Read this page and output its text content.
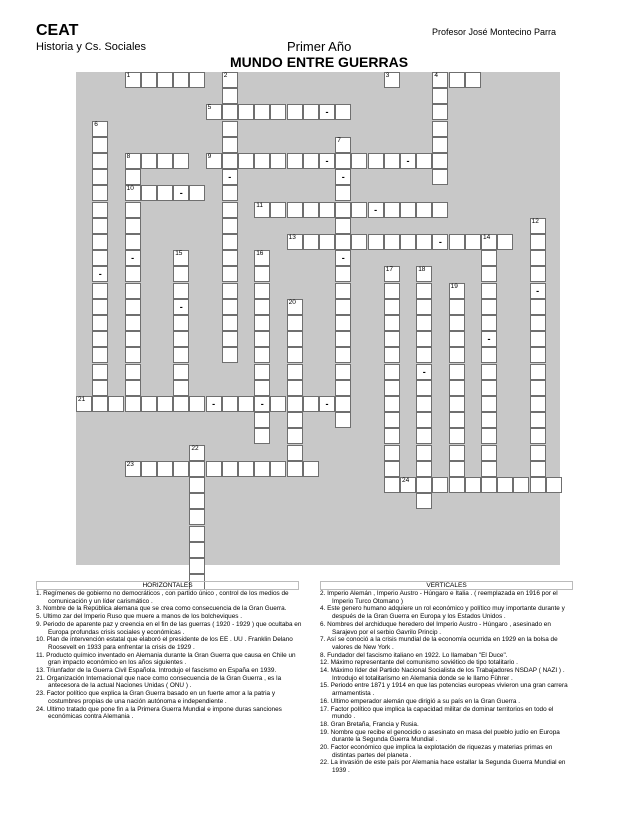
CEAT	Profesor José Montecino Parra
Historia y Cs. Sociales	Primer Año
MUNDO ENTRE GUERRAS
1	2	3	4
5	-
8	9	-	-
10	-
11	-
13	-	14
21	-	-	-
23
24
-
6
-
7
-
-
-
12
-
-
15
-
16
17	18
-
19
20
22
HORIZONTALES	VERTICALES
1. Regímenes de gobierno no democráticos , con partido único , control de los medios de comunicación y un líder carismático .
3. Nombre de la República alemana que se crea como consecuencia de la Gran Guerra.
5. Ultimo zar del Imperio Ruso que muere a manos de los bolcheviques .
9. Periodo de aparente paz y creencia en el fin de las guerras ( 1920 - 1929 ) que ocultaba en Europa profundas crisis sociales y económicas .
10. Plan de intervención estatal que elaboró el presidente de los EE . UU . Franklin Delano Roosevelt en 1933 para enfrentar la crisis de 1929 .
11. Producto químico inventado en Alemania durante la Gran Guerra que causa en Chile un gran impacto económico en los años siguientes .
13. Triunfador de la Guerra Civil Española. Introdujo el fascismo en España en 1939.
21. Organización Internacional que nace como consecuencia de la Gran Guerra , es la antecesora de la actual Naciones Unidas ( ONU ) .
23. Factor político que explica la Gran Guerra basado en un fuerte amor a la patria y costumbres propias de una nación autónoma e independiente .
24. Ultimo tratado que pone fin a la Primera Guerra Mundial e impone duras sanciones económicas contra Alemania .
2. Imperio Alemán , Imperio Austro - Húngaro e Italia . ( reemplazada en 1916 por el Imperio Turco Otomano )
4. Este genero humano adquiere un rol económico y político muy importante durante y después de la Gran Guerra en Europa y los Estados Unidos .
6. Nombres del archiduque heredero del Imperio Austro - Húngaro , asesinado en Sarajevo por el serbio Gavrilo Princip .
7. Así se conoció a la crisis mundial de la economía ocurrida en 1929 en la bolsa de valores de New York .
8. Fundador del fascismo italiano en 1922. Lo llamaban "El Duce".
12. Máximo representante del comunismo soviético de tipo totalitario .
14. Máximo líder del Partido Nacional Socialista de los Trabajadores NSDAP ( NAZI ) . Introdujo el totalitarismo en Alemania donde se le llamo Führer .
15. Periodo entre 1871 y 1914 en que las potencias europeas vivieron una gran carrera armamentista .
16. Ultimo emperador alemán que dirigió a su país en la Gran Guerra .
17. Factor político que implica la capacidad militar de dominar territorios en todo el mundo .
18. Gran Bretaña, Francia y Rusia.
19. Nombre que recibe el genocidio o asesinato en masa del pueblo judío en Europa durante la Segunda Guerra Mundial .
20. Factor económico que implica la explotación de riquezas y materias primas en distintas partes del planeta .
22. La invasión de este país por Alemania hace estallar la Segunda Guerra Mundial en 1939 .
